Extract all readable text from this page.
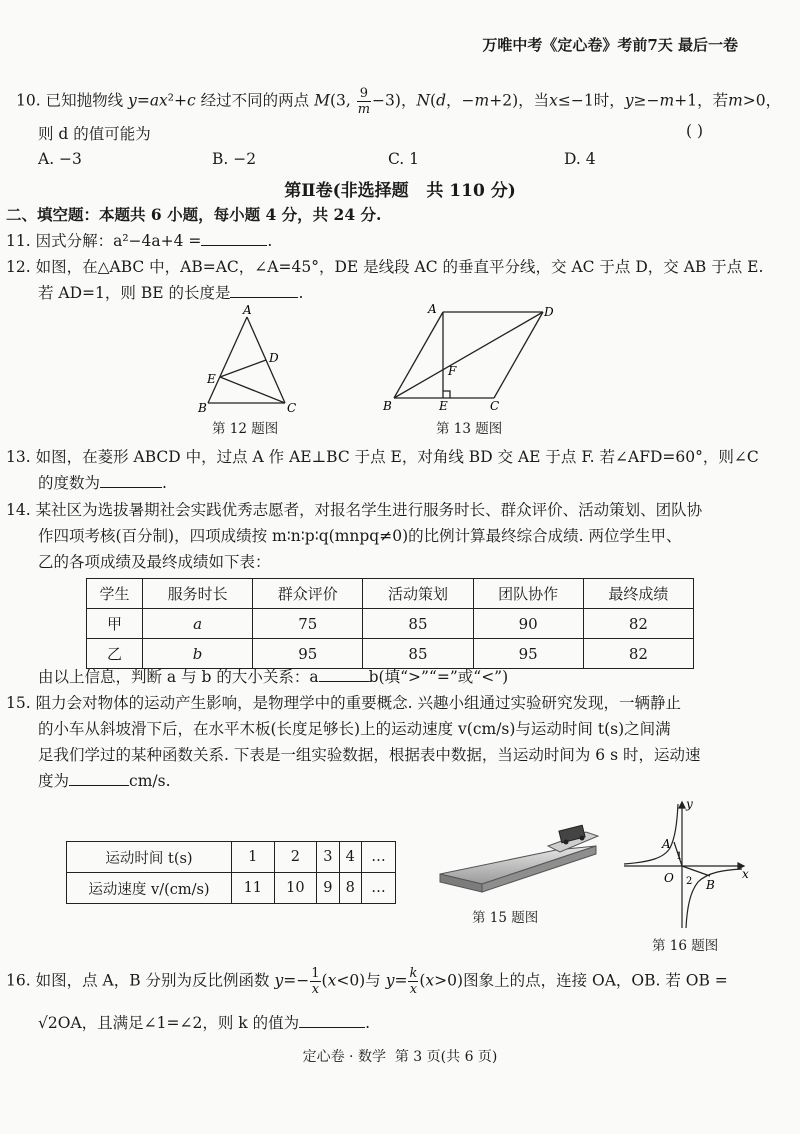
万唯中考《定心卷》考前7天 最后一卷
10. 已知抛物线 y=ax²+c 经过不同的两点 M(3, $\frac{9}{m} -3$)，N(d，−m+2)，当x≤−1时，y≥−m+1，若m>0，
则 d 的值可能为	( )
A. −3	B. −2	C. 1	D. 4
第Ⅱ卷(非选择题   共 110 分)
二、填空题：本题共 6 小题，每小题 4 分，共 24 分.
11. 因式分解：a²−4a+4 =	.
12. 如图，在△ABC 中，AB=AC，∠A=45°，DE 是线段 AC 的垂直平分线，交 AC 于点 D，交 AB 于点 E.
若 AD=1，则 BE 的长度是	.
A
D
E
B	C
第 12 题图
A	D
F
B	E	C
第 13 题图
13. 如图，在菱形 ABCD 中，过点 A 作 AE⊥BC 于点 E，对角线 BD 交 AE 于点 F. 若∠AFD=60°，则∠C
的度数为	.
14. 某社区为选拔暑期社会实践优秀志愿者，对报名学生进行服务时长、群众评价、活动策划、团队协
作四项考核(百分制)，四项成绩按 m∶n∶p∶q(mnpq≠0)的比例计算最终综合成绩. 两位学生甲、
乙的各项成绩及最终成绩如下表：
学生	服务时长	群众评价	活动策划	团队协作	最终成绩
甲	a	75	85	90	82
乙	b	95	85	95	82
由以上信息，判断 a 与 b 的大小关系：a	b(填“>”“=”或“<”)
15. 阻力会对物体的运动产生影响，是物理学中的重要概念. 兴趣小组通过实验研究发现，一辆静止
的小车从斜坡滑下后，在水平木板(长度足够长)上的运动速度 v(cm/s)与运动时间 t(s)之间满
足我们学过的某种函数关系. 下表是一组实验数据，根据表中数据，当运动时间为 6 s 时，运动速
度为	cm/s.
运动时间 t(s)	1	2	3	4	…
运动速度 v/(cm/s)	11	10	9	8	…
第 15 题图
y
A
1
O 2 B
x
第 16 题图
16. 如图，点 A，B 分别为反比例函数 $y=- \frac{1}{x} (x<0)$与 $y= \frac{k}{x} (x>0)$图象上的点，连接 OA，OB. 若 OB =
√2OA，且满足∠1=∠2，则 k 的值为	.
定心卷 · 数学  第 3 页(共 6 页)
